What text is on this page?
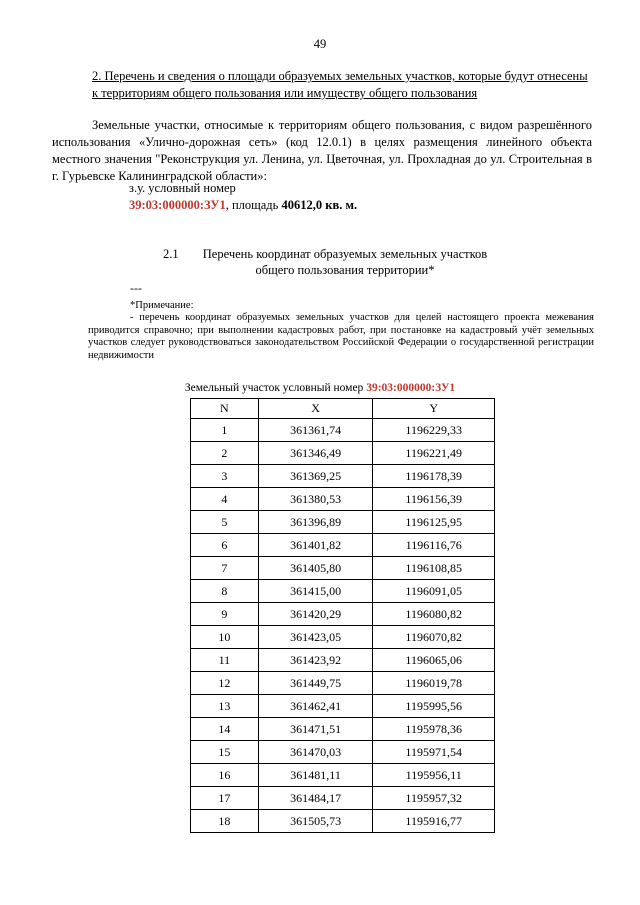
49
2. Перечень и сведения о площади образуемых земельных участков, которые будут отнесены к территориям общего пользования или имуществу общего пользования
Земельные участки, относимые к территориям общего пользования, с видом разрешённого использования «Улично-дорожная сеть» (код 12.0.1) в целях размещения линейного объекта местного значения "Реконструкция ул. Ленина, ул. Цветочная, ул. Прохладная до ул. Строительная в г. Гурьевске Калининградской области»:
з.у. условный номер
39:03:000000:ЗУ1, площадь 40612,0 кв. м.
2.1	Перечень координат образуемых земельных участков
общего пользования территории*
---
*Примечание:
- перечень координат образуемых земельных участков для целей настоящего проекта межевания приводится справочно; при выполнении кадастровых работ, при постановке на кадастровый учёт земельных участков следует руководствоваться законодательством Российской Федерации о государственной регистрации недвижимости
Земельный участок условный номер 39:03:000000:ЗУ1
N	X	Y
1	361361,74	1196229,33
2	361346,49	1196221,49
3	361369,25	1196178,39
4	361380,53	1196156,39
5	361396,89	1196125,95
6	361401,82	1196116,76
7	361405,80	1196108,85
8	361415,00	1196091,05
9	361420,29	1196080,82
10	361423,05	1196070,82
11	361423,92	1196065,06
12	361449,75	1196019,78
13	361462,41	1195995,56
14	361471,51	1195978,36
15	361470,03	1195971,54
16	361481,11	1195956,11
17	361484,17	1195957,32
18	361505,73	1195916,77
